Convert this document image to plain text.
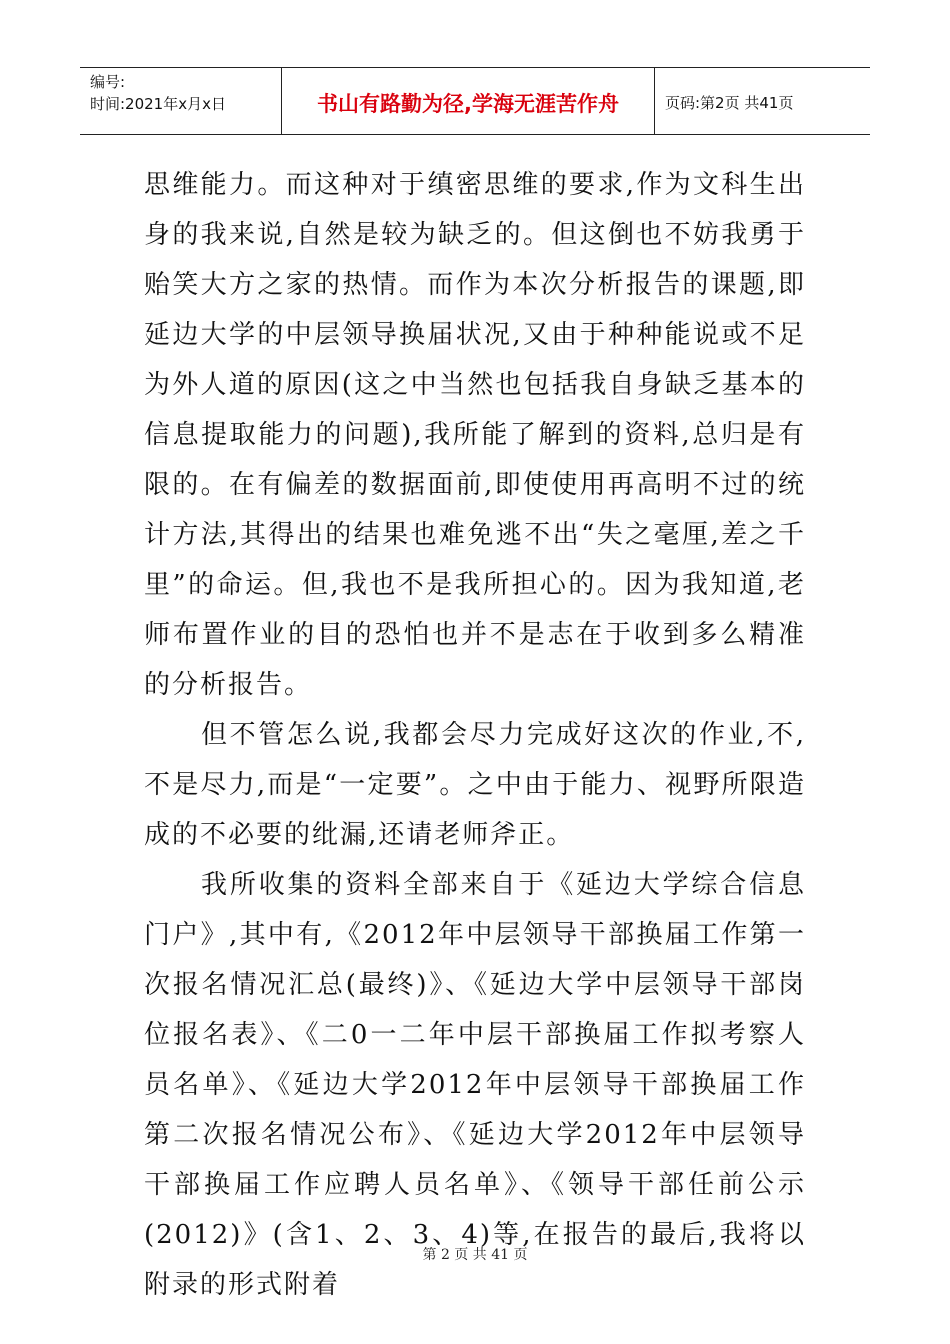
编号:
时间:2021年x月x日	书山有路勤为径,学海无涯苦作舟	页码:第2页 共41页

思维能力。而这种对于缜密思维的要求,作为文科生出身的我来说,自然是较为缺乏的。但这倒也不妨我勇于贻笑大方之家的热情。而作为本次分析报告的课题,即延边大学的中层领导换届状况,又由于种种能说或不足为外人道的原因(这之中当然也包括我自身缺乏基本的信息提取能力的问题),我所能了解到的资料,总归是有限的。在有偏差的数据面前,即使使用再高明不过的统计方法,其得出的结果也难免逃不出“失之毫厘,差之千里”的命运。但,我也不是我所担心的。因为我知道,老师布置作业的目的恐怕也并不是志在于收到多么精准的分析报告。

但不管怎么说,我都会尽力完成好这次的作业,不,不是尽力,而是“一定要”。之中由于能力、视野所限造成的不必要的纰漏,还请老师斧正。

我所收集的资料全部来自于《延边大学综合信息门户》,其中有,《2012年中层领导干部换届工作第一次报名情况汇总(最终)》、《延边大学中层领导干部岗位报名表》、《二0一二年中层干部换届工作拟考察人员名单》、《延边大学2012年中层领导干部换届工作第二次报名情况公布》、《延边大学2012年中层领导干部换届工作应聘人员名单》、《领导干部任前公示(2012)》(含1、2、3、4)等,在报告的最后,我将以附录的形式附着

第 2 页 共 41 页
